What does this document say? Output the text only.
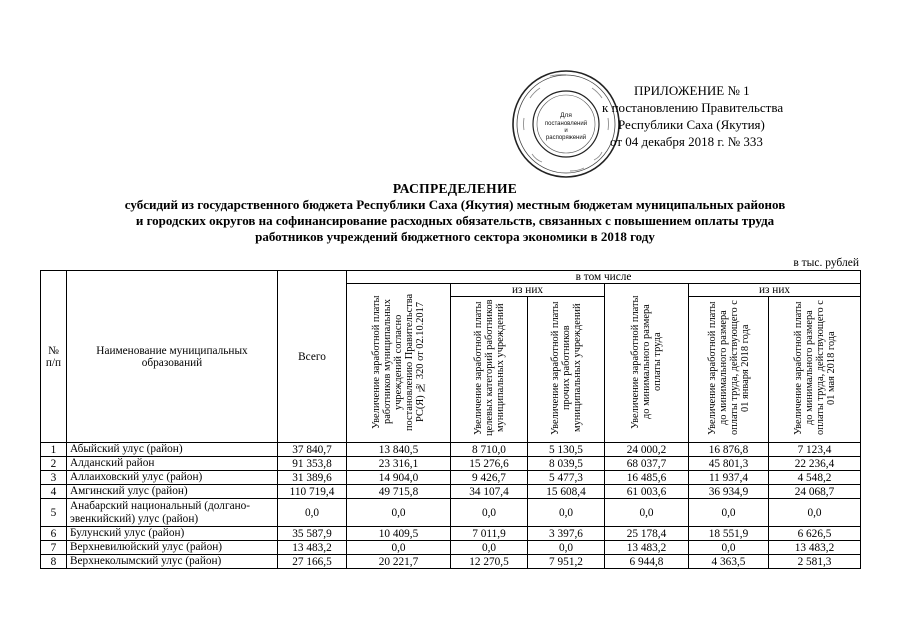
Для
постановлений
и
распоряжений
ПРИЛОЖЕНИЕ № 1
к постановлению Правительства
Республики Саха (Якутия)
от 04 декабря 2018 г. № 333
РАСПРЕДЕЛЕНИЕ
субсидий из государственного бюджета Республики Саха (Якутия) местным бюджетам муниципальных районов
и городских округов на софинансирование расходных обязательств, связанных с повышением оплаты труда
работников учреждений бюджетного сектора экономики в 2018 году
в тыс. рублей
№ п/п	Наименование муниципальных образований	Всего	в том числе					
			Увеличение заработной платы работников муниципальных учреждений согласно постановлению Правительства РС(Я) № 320 от 02.10.2017	из них		Увеличение заработной платы до минимального размера оплаты труда	из них	
				Увеличение заработной платы целевых категорий работников муниципальных учреждений	Увеличение заработной платы прочих работников муниципальных учреждений		Увеличение заработной платы до минимального размера оплаты труда, действующего с 01 января 2018 года	Увеличение заработной платы до минимального размера оплаты труда, действующего с 01 мая 2018 года
1	Абыйский улус (район)	37 840,7	13 840,5	8 710,0	5 130,5	24 000,2	16 876,8	7 123,4
2	Алданский район	91 353,8	23 316,1	15 276,6	8 039,5	68 037,7	45 801,3	22 236,4
3	Аллаиховский улус (район)	31 389,6	14 904,0	9 426,7	5 477,3	16 485,6	11 937,4	4 548,2
4	Амгинский улус (район)	110 719,4	49 715,8	34 107,4	15 608,4	61 003,6	36 934,9	24 068,7
5	Анабарский национальный (долгано-эвенкийский) улус (район)	0,0	0,0	0,0	0,0	0,0	0,0	0,0
6	Булунский улус (район)	35 587,9	10 409,5	7 011,9	3 397,6	25 178,4	18 551,9	6 626,5
7	Верхневилюйский улус (район)	13 483,2	0,0	0,0	0,0	13 483,2	0,0	13 483,2
8	Верхнеколымский улус (район)	27 166,5	20 221,7	12 270,5	7 951,2	6 944,8	4 363,5	2 581,3
